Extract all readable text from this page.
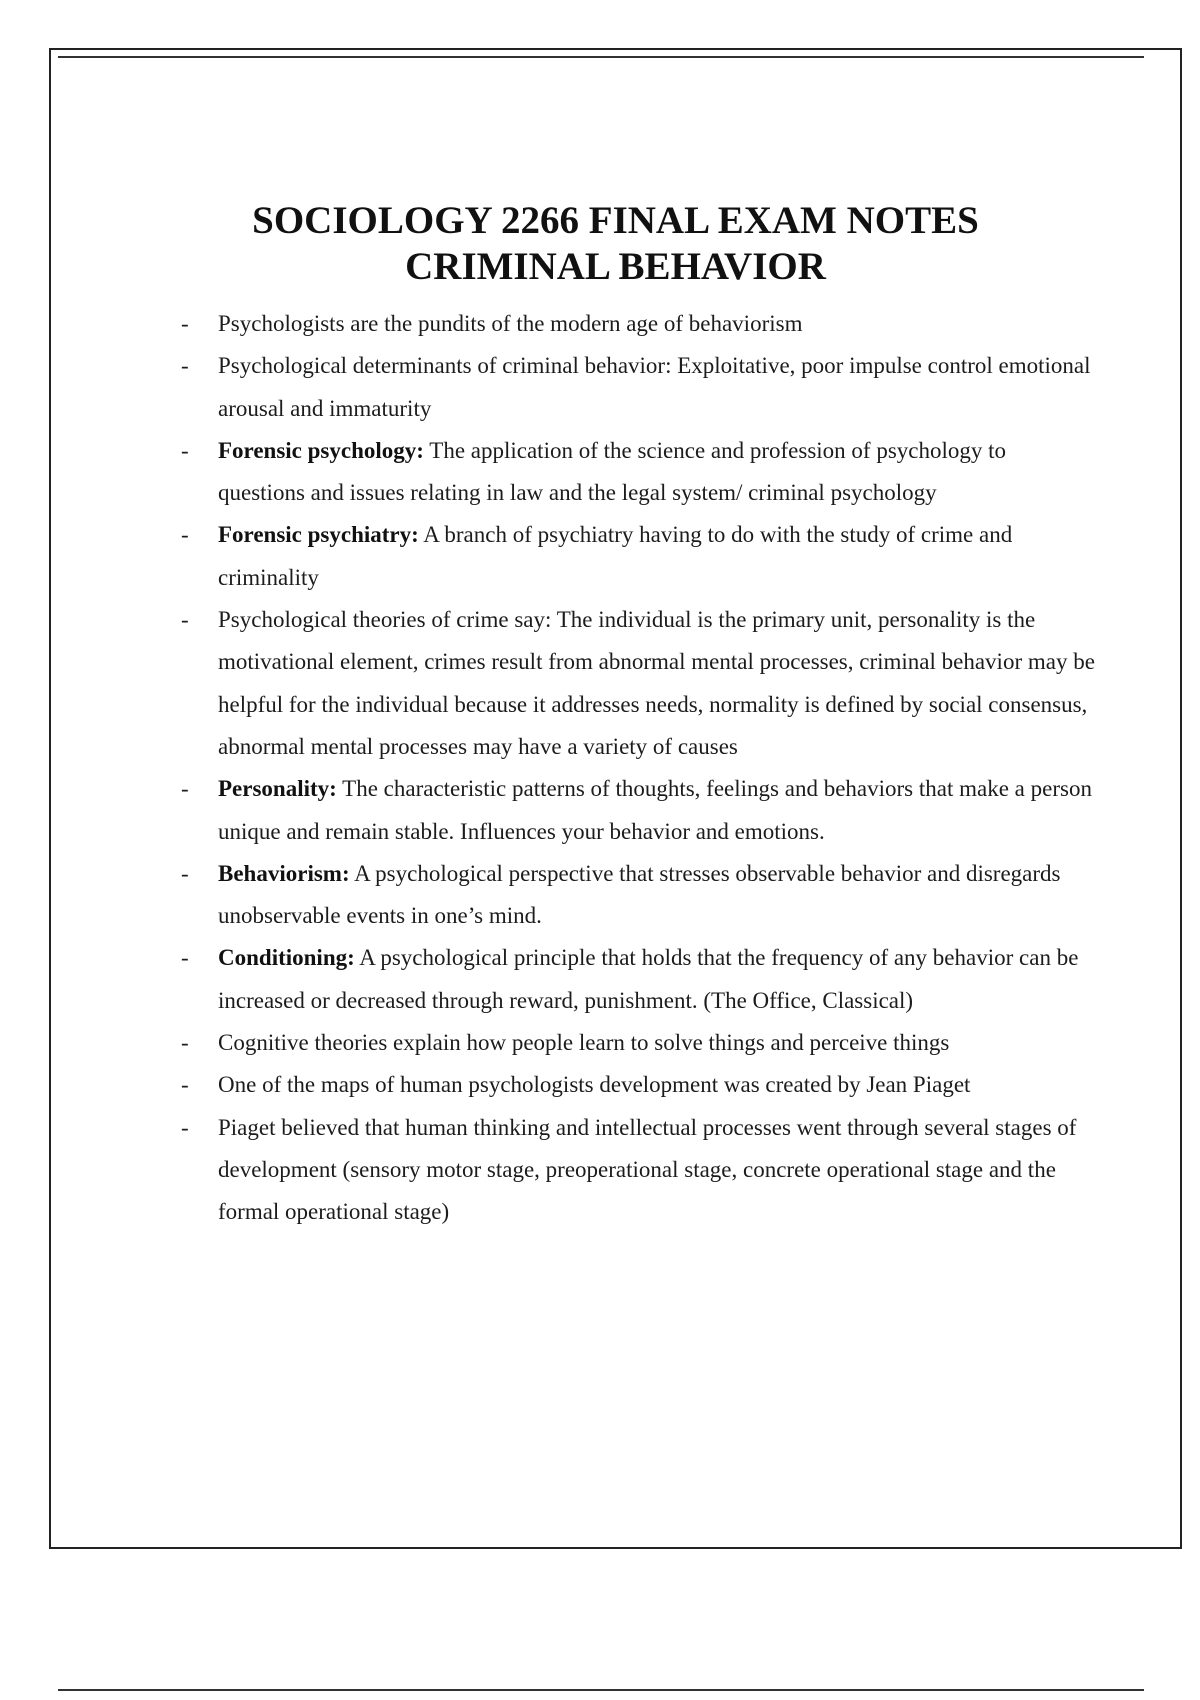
SOCIOLOGY 2266 FINAL EXAM NOTES
CRIMINAL BEHAVIOR
- Psychologists are the pundits of the modern age of behaviorism
- Psychological determinants of criminal behavior: Exploitative, poor impulse control emotional arousal and immaturity
- Forensic psychology: The application of the science and profession of psychology to questions and issues relating in law and the legal system/ criminal psychology
- Forensic psychiatry: A branch of psychiatry having to do with the study of crime and criminality
- Psychological theories of crime say: The individual is the primary unit, personality is the motivational element, crimes result from abnormal mental processes, criminal behavior may be helpful for the individual because it addresses needs, normality is defined by social consensus, abnormal mental processes may have a variety of causes
- Personality: The characteristic patterns of thoughts, feelings and behaviors that make a person unique and remain stable. Influences your behavior and emotions.
- Behaviorism: A psychological perspective that stresses observable behavior and disregards unobservable events in one’s mind.
- Conditioning: A psychological principle that holds that the frequency of any behavior can be increased or decreased through reward, punishment. (The Office, Classical)
- Cognitive theories explain how people learn to solve things and perceive things
- One of the maps of human psychologists development was created by Jean Piaget
- Piaget believed that human thinking and intellectual processes went through several stages of development (sensory motor stage, preoperational stage, concrete operational stage and the formal operational stage)
